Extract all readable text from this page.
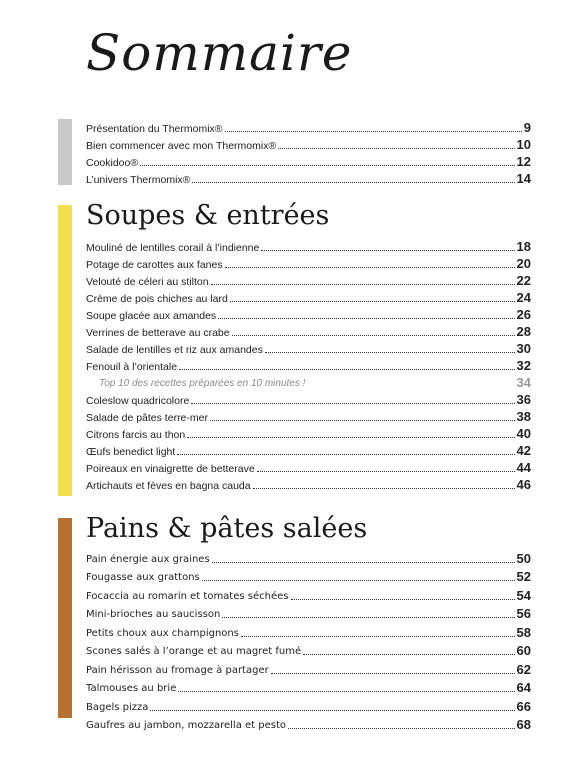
Sommaire
Présentation du Thermomix®	9
Bien commencer avec mon Thermomix®	10
Cookidoo®	12
L’univers Thermomix®	14
Soupes & entrées
Mouliné de lentilles corail à l’indienne	18
Potage de carottes aux fanes	20
Velouté de céleri au stilton	22
Crème de pois chiches au lard	24
Soupe glacée aux amandes	26
Verrines de betterave au crabe	28
Salade de lentilles et riz aux amandes	30
Fenouil à l’orientale	32
Top 10 des recettes préparées en 10 minutes !	34
Coleslow quadricolore	36
Salade de pâtes terre-mer	38
Citrons farcis au thon	40
Œufs benedict light	42
Poireaux en vinaigrette de betterave	44
Artichauts et fèves en bagna cauda	46
Pains & pâtes salées
Pain énergie aux graines	50
Fougasse aux grattons	52
Focaccia au romarin et tomates séchées	54
Mini-brioches au saucisson	56
Petits choux aux champignons	58
Scones salés à l’orange et au magret fumé	60
Pain hérisson au fromage à partager	62
Talmouses au brie	64
Bagels pizza	66
Gaufres au jambon, mozzarella et pesto	68
